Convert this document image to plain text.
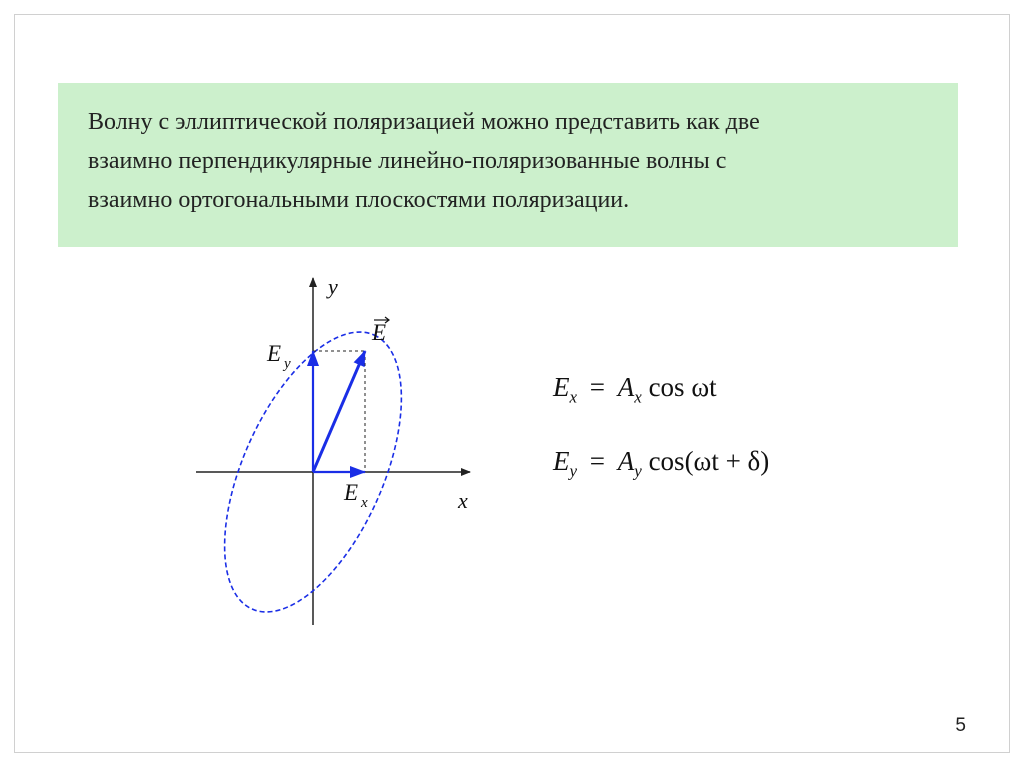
Волну с эллиптической поляризацией можно представить как две

взаимно перпендикулярные линейно-поляризованные волны с

взаимно ортогональными плоскостями поляризации.

y
x
E
E y
E x
$E_x = A_x$ cos ωt
$E_y = A_y$ cos(ωt + δ)
5
